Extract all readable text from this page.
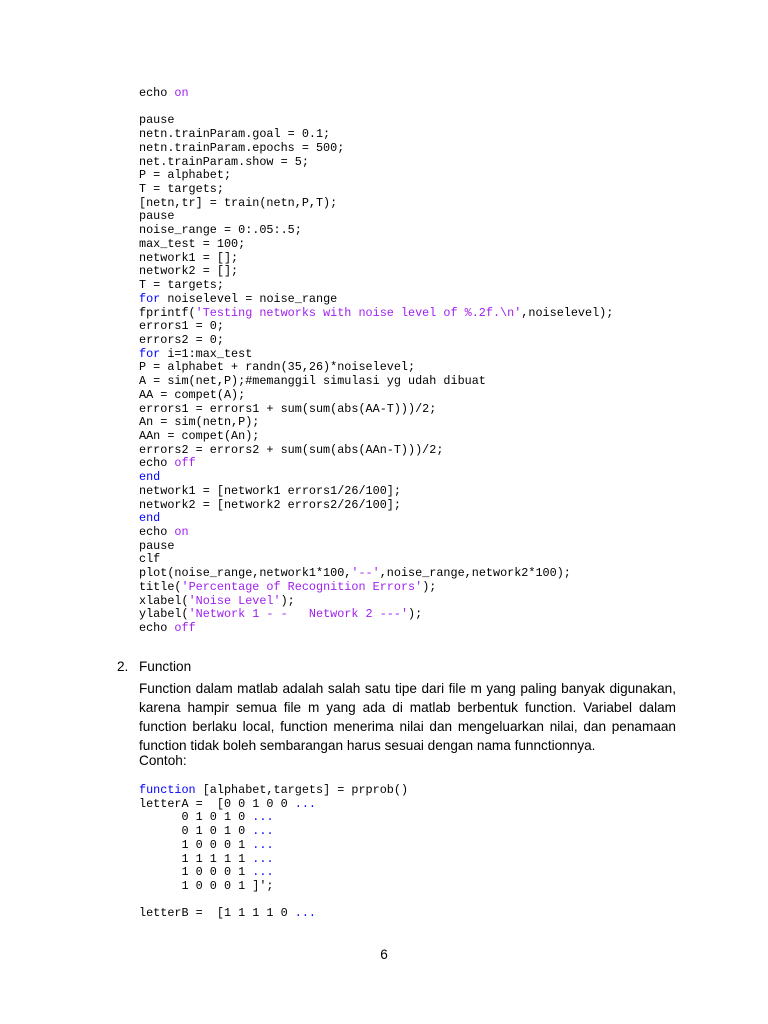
echo on
pause
netn.trainParam.goal = 0.1;
netn.trainParam.epochs = 500;
net.trainParam.show = 5;
P = alphabet;
T = targets;
[netn,tr] = train(netn,P,T);
pause
noise_range = 0:.05:.5;
max_test = 100;
network1 = [];
network2 = [];
T = targets;
for noiselevel = noise_range
fprintf('Testing networks with noise level of %.2f.\n',noiselevel);
errors1 = 0;
errors2 = 0;
for i=1:max_test
P = alphabet + randn(35,26)*noiselevel;
A = sim(net,P);#memanggil simulasi yg udah dibuat
AA = compet(A);
errors1 = errors1 + sum(sum(abs(AA-T)))/2;
An = sim(netn,P);
AAn = compet(An);
errors2 = errors2 + sum(sum(abs(AAn-T)))/2;
echo off
end
network1 = [network1 errors1/26/100];
network2 = [network2 errors2/26/100];
end
echo on
pause
clf
plot(noise_range,network1*100,'--',noise_range,network2*100);
title('Percentage of Recognition Errors');
xlabel('Noise Level');
ylabel('Network 1 - -   Network 2 ---');
echo off
2. Function
Function dalam matlab adalah salah satu tipe dari file m yang paling banyak digunakan, karena hampir semua file m yang ada di matlab berbentuk function. Variabel dalam function berlaku local, function menerima nilai dan mengeluarkan nilai, dan penamaan function tidak boleh sembarangan harus sesuai dengan nama funnctionnya.
Contoh:
function [alphabet,targets] = prprob()
letterA =  [0 0 1 0 0 ...
0 1 0 1 0 ...
0 1 0 1 0 ...
1 0 0 0 1 ...
1 1 1 1 1 ...
1 0 0 0 1 ...
1 0 0 0 1 ]';
letterB =  [1 1 1 1 0 ...
6
